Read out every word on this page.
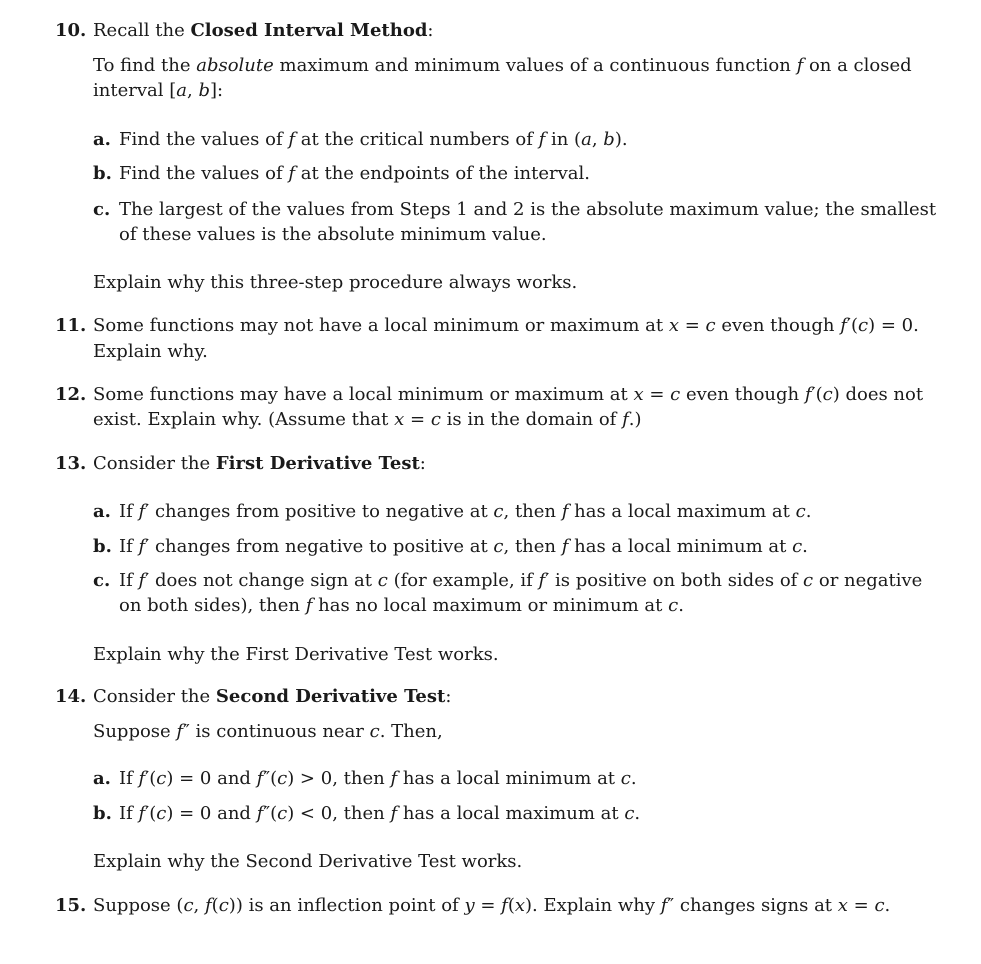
10. Recall the Closed Interval Method:
To find the absolute maximum and minimum values of a continuous function f on a closed
interval [a, b]:
a. Find the values of f at the critical numbers of f in (a, b).
b. Find the values of f at the endpoints of the interval.
c. The largest of the values from Steps 1 and 2 is the absolute maximum value; the smallest
of these values is the absolute minimum value.
Explain why this three-step procedure always works.
11. Some functions may not have a local minimum or maximum at x = c even though f′(c) = 0.
Explain why.
12. Some functions may have a local minimum or maximum at x = c even though f′(c) does not
exist. Explain why. (Assume that x = c is in the domain of f.)
13. Consider the First Derivative Test:
a. If f′ changes from positive to negative at c, then f has a local maximum at c.
b. If f′ changes from negative to positive at c, then f has a local minimum at c.
c. If f′ does not change sign at c (for example, if f′ is positive on both sides of c or negative
on both sides), then f has no local maximum or minimum at c.
Explain why the First Derivative Test works.
14. Consider the Second Derivative Test:
Suppose f″ is continuous near c. Then,
a. If f′(c) = 0 and f″(c) > 0, then f has a local minimum at c.
b. If f′(c) = 0 and f″(c) < 0, then f has a local maximum at c.
Explain why the Second Derivative Test works.
15. Suppose (c, f(c)) is an inflection point of y = f(x). Explain why f″ changes signs at x = c.
